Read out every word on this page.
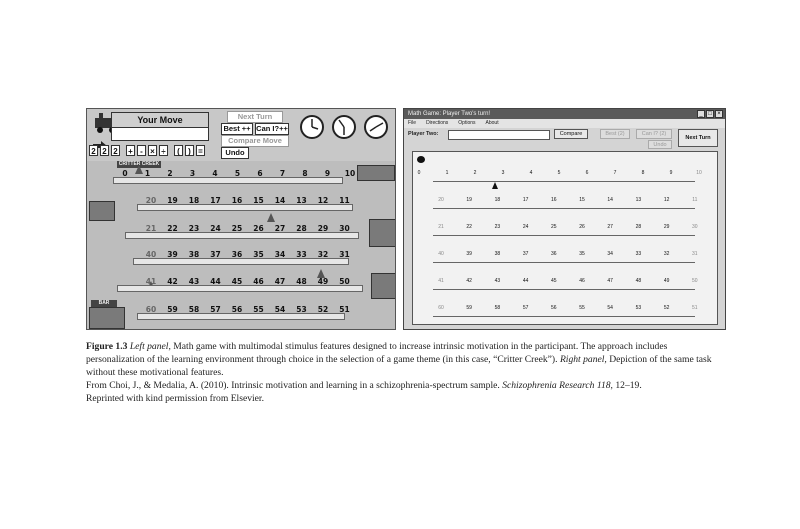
Your Move
2 2 2 + - × ÷	(	) =
Next Turn
Best ++ Can I?++
Compare Move
Undo
CRITTER CREEK
BAR
0	1	2	3	4	5	6	7	8	9	10
20	19	18	17	16	15	14	13	12	11
21	22	23	24	25	26	27	28	29	30
40	39	38	37	36	35	34	33	32	31
41	42	43	44	45	46	47	48	49	50
60	59	58	57	56	55	54	53	52	51
Math Game: Player Two's turn!	_ □ ×
File Directions Options About
Player Two:	Compare	Best (2)	Can I? (2)
Undo
Next Turn
0	1	2	3	4	5	6	7	8	9	10
20	19	18	17	16	15	14	13	12	11
21	22	23	24	25	26	27	28	29	30
40	39	38	37	36	35	34	33	32	31
41	42	43	44	45	46	47	48	49	50
60	59	58	57	56	55	54	53	52	51

Figure 1.3 Left panel, Math game with multimodal stimulus features designed to increase intrinsic motivation in the participant. The approach includes personalization of the learning environment through choice in the selection of a game theme (in this case, “Critter Creek”). Right panel, Depiction of the same task without these motivational features.

From Choi, J., & Medalia, A. (2010). Intrinsic motivation and learning in a schizophrenia-spectrum sample. Schizophrenia Research 118, 12–19.

Reprinted with kind permission from Elsevier.
